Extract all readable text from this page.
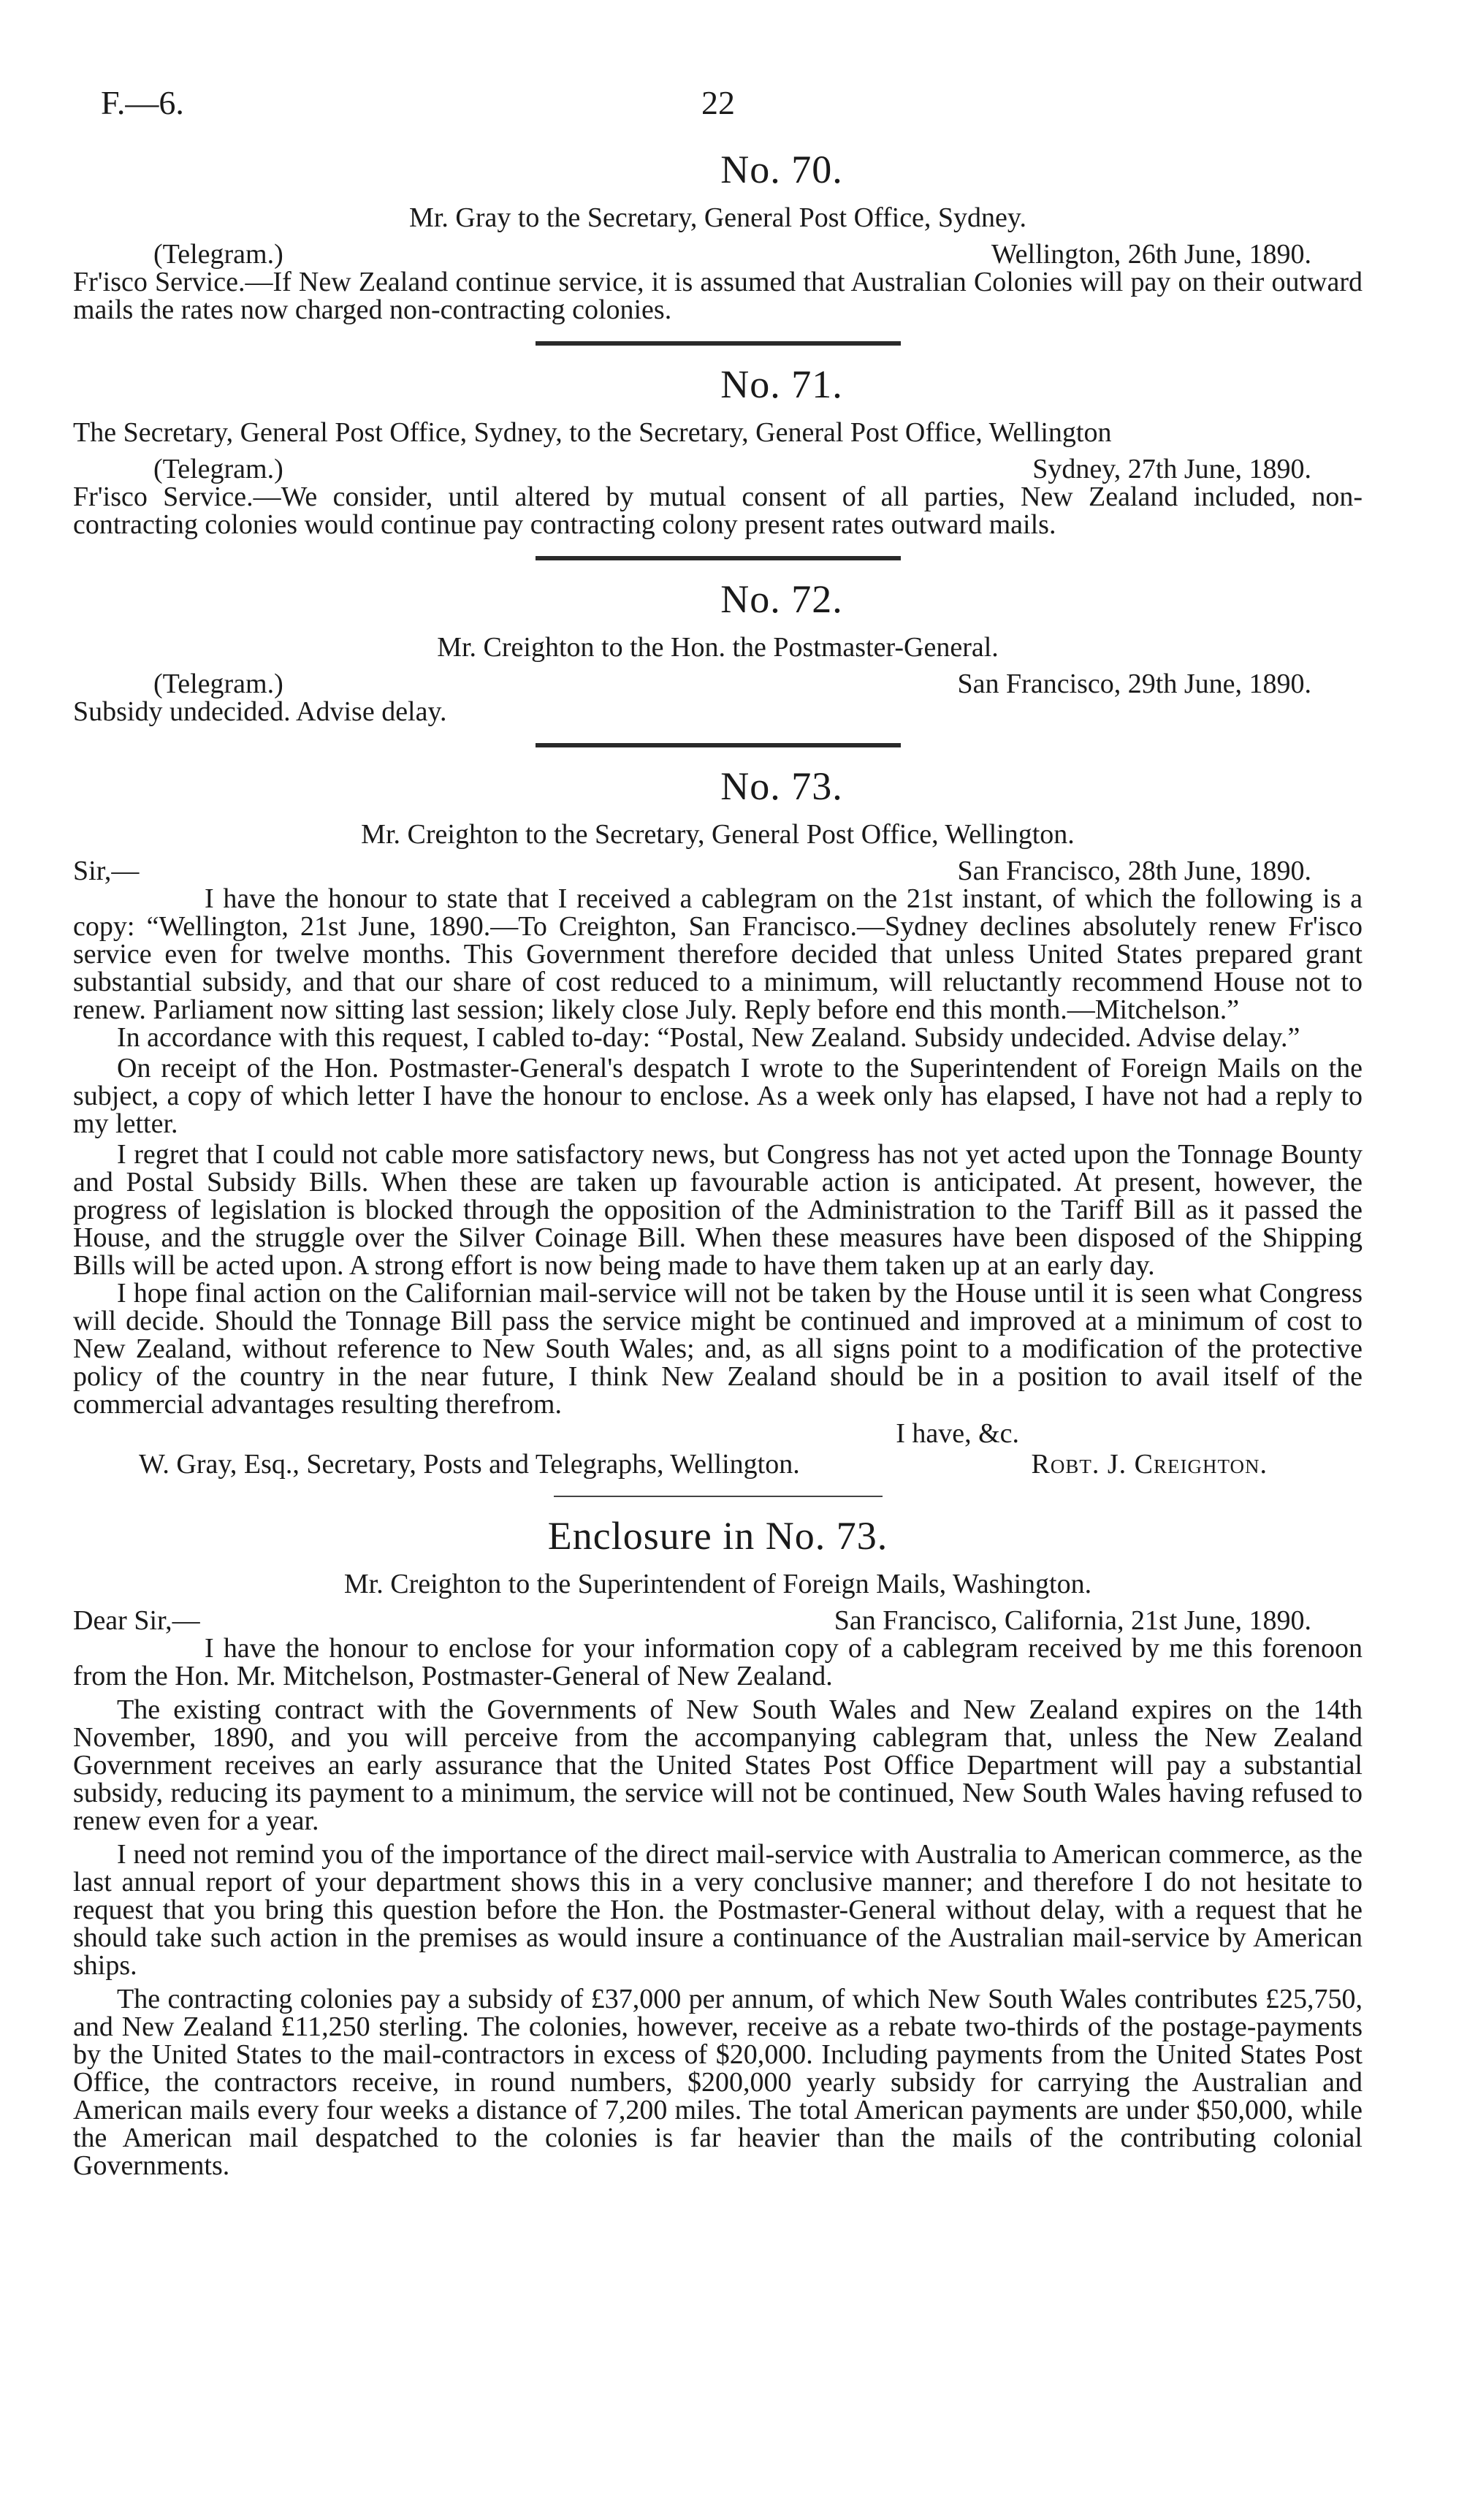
F.—6.	22
No. 70.
Mr. Gray to the Secretary, General Post Office, Sydney.
(Telegram.)	Wellington, 26th June, 1890.

Fr'isco Service.—If New Zealand continue service, it is assumed that Australian Colonies will pay on their outward mails the rates now charged non-contracting colonies.

No. 71.
The Secretary, General Post Office, Sydney, to the Secretary, General Post Office, Wellington
(Telegram.)	Sydney, 27th June, 1890.

Fr'isco Service.—We consider, until altered by mutual consent of all parties, New Zealand included, non-contracting colonies would continue pay contracting colony present rates outward mails.

No. 72.
Mr. Creighton to the Hon. the Postmaster-General.
(Telegram.)	San Francisco, 29th June, 1890.

Subsidy undecided. Advise delay.

No. 73.
Mr. Creighton to the Secretary, General Post Office, Wellington.
Sir,—	San Francisco, 28th June, 1890.

I have the honour to state that I received a cablegram on the 21st instant, of which the following is a copy: “Wellington, 21st June, 1890.—To Creighton, San Francisco.—Sydney declines absolutely renew Fr'isco service even for twelve months. This Government therefore decided that unless United States prepared grant substantial subsidy, and that our share of cost reduced to a minimum, will reluctantly recommend House not to renew. Parliament now sitting last session; likely close July. Reply before end this month.—Mitchelson.”

In accordance with this request, I cabled to-day: “Postal, New Zealand. Subsidy undecided. Advise delay.”

On receipt of the Hon. Postmaster-General's despatch I wrote to the Superintendent of Foreign Mails on the subject, a copy of which letter I have the honour to enclose. As a week only has elapsed, I have not had a reply to my letter.

I regret that I could not cable more satisfactory news, but Congress has not yet acted upon the Tonnage Bounty and Postal Subsidy Bills. When these are taken up favourable action is anticipated. At present, however, the progress of legislation is blocked through the opposition of the Administration to the Tariff Bill as it passed the House, and the struggle over the Silver Coinage Bill. When these measures have been disposed of the Shipping Bills will be acted upon. A strong effort is now being made to have them taken up at an early day.

I hope final action on the Californian mail-service will not be taken by the House until it is seen what Congress will decide. Should the Tonnage Bill pass the service might be continued and improved at a minimum of cost to New Zealand, without reference to New South Wales; and, as all signs point to a modification of the protective policy of the country in the near future, I think New Zealand should be in a position to avail itself of the commercial advantages resulting therefrom.

I have, &c.
W. Gray, Esq., Secretary, Posts and Telegraphs, Wellington.	Robt. J. Creighton.
Enclosure in No. 73.
Mr. Creighton to the Superintendent of Foreign Mails, Washington.
Dear Sir,—	San Francisco, California, 21st June, 1890.

I have the honour to enclose for your information copy of a cablegram received by me this forenoon from the Hon. Mr. Mitchelson, Postmaster-General of New Zealand.

The existing contract with the Governments of New South Wales and New Zealand expires on the 14th November, 1890, and you will perceive from the accompanying cablegram that, unless the New Zealand Government receives an early assurance that the United States Post Office Department will pay a substantial subsidy, reducing its payment to a minimum, the service will not be continued, New South Wales having refused to renew even for a year.

I need not remind you of the importance of the direct mail-service with Australia to American commerce, as the last annual report of your department shows this in a very conclusive manner; and therefore I do not hesitate to request that you bring this question before the Hon. the Postmaster-General without delay, with a request that he should take such action in the premises as would insure a continuance of the Australian mail-service by American ships.

The contracting colonies pay a subsidy of £37,000 per annum, of which New South Wales contributes £25,750, and New Zealand £11,250 sterling. The colonies, however, receive as a rebate two-thirds of the postage-payments by the United States to the mail-contractors in excess of $20,000. Including payments from the United States Post Office, the contractors receive, in round numbers, $200,000 yearly subsidy for carrying the Australian and American mails every four weeks a distance of 7,200 miles. The total American payments are under $50,000, while the American mail despatched to the colonies is far heavier than the mails of the contributing colonial Governments.
